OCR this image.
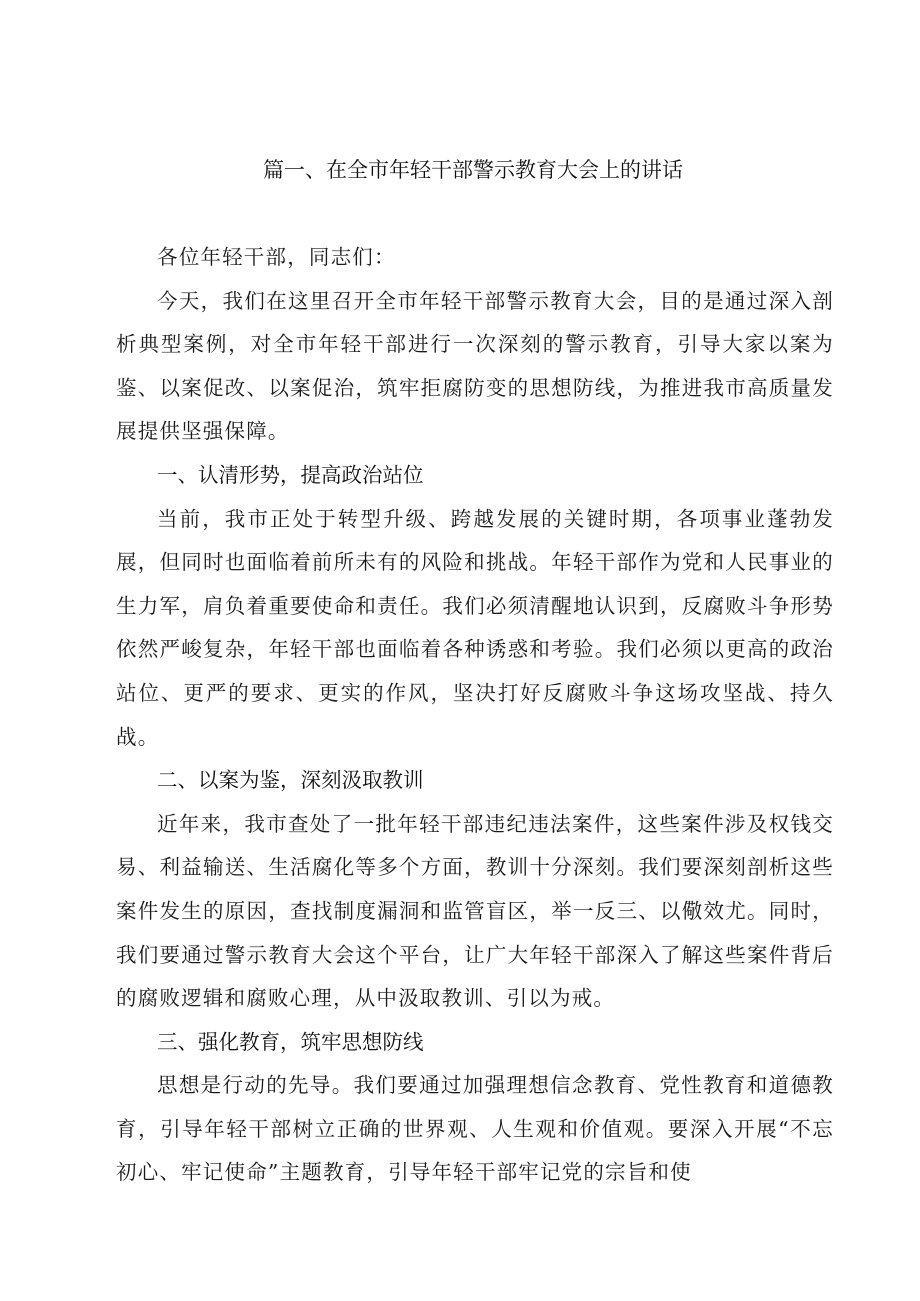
篇一、在全市年轻干部警示教育大会上的讲话

各位年轻干部，同志们：

今天，我们在这里召开全市年轻干部警示教育大会，目的是通过深入剖析典型案例，对全市年轻干部进行一次深刻的警示教育，引导大家以案为鉴、以案促改、以案促治，筑牢拒腐防变的思想防线，为推进我市高质量发展提供坚强保障。

一、认清形势，提高政治站位

当前，我市正处于转型升级、跨越发展的关键时期，各项事业蓬勃发展，但同时也面临着前所未有的风险和挑战。年轻干部作为党和人民事业的生力军，肩负着重要使命和责任。我们必须清醒地认识到，反腐败斗争形势依然严峻复杂，年轻干部也面临着各种诱惑和考验。我们必须以更高的政治站位、更严的要求、更实的作风，坚决打好反腐败斗争这场攻坚战、持久战。

二、以案为鉴，深刻汲取教训

近年来，我市查处了一批年轻干部违纪违法案件，这些案件涉及权钱交易、利益输送、生活腐化等多个方面，教训十分深刻。我们要深刻剖析这些案件发生的原因，查找制度漏洞和监管盲区，举一反三、以儆效尤。同时，我们要通过警示教育大会这个平台，让广大年轻干部深入了解这些案件背后的腐败逻辑和腐败心理，从中汲取教训、引以为戒。

三、强化教育，筑牢思想防线

思想是行动的先导。我们要通过加强理想信念教育、党性教育和道德教育，引导年轻干部树立正确的世界观、人生观和价值观。要深入开展“不忘初心、牢记使命”主题教育，引导年轻干部牢记党的宗旨和使
